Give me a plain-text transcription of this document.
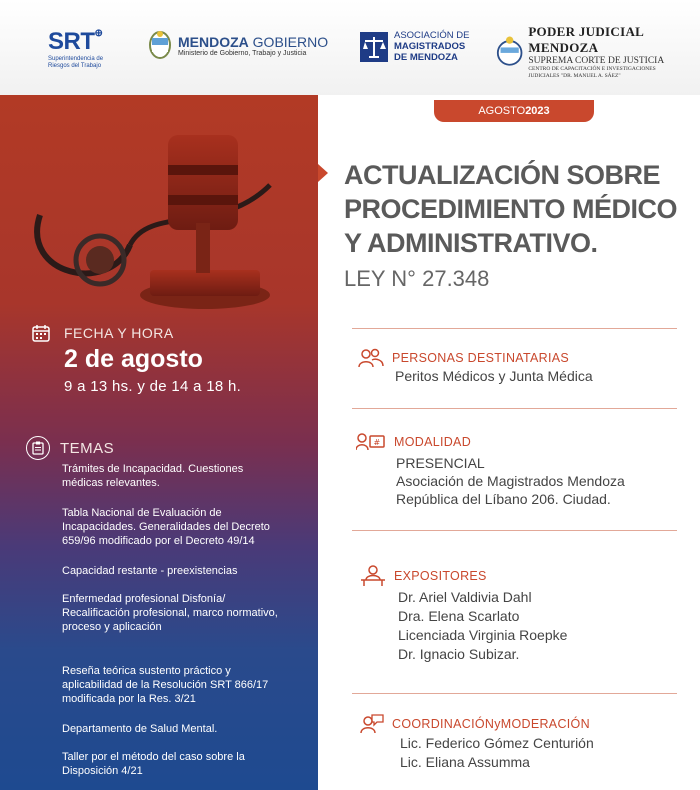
SRT⊕
Superintendencia de Riesgos del Trabajo
MENDOZA GOBIERNO
Ministerio de Gobierno, Trabajo y Justicia
ASOCIACIÓN DE
MAGISTRADOS
DE MENDOZA
PODER JUDICIAL MENDOZA
SUPREMA CORTE DE JUSTICIA
CENTRO DE CAPACITACIÓN E INVESTIGACIONES
JUDICIALES "DR. MANUEL A. SÁEZ"
FECHA Y HORA
2 de agosto
9 a 13 hs. y de 14 a 18 h.
TEMAS
Trámites de Incapacidad. Cuestiones médicas relevantes.
Tabla Nacional de Evaluación de Incapacidades. Generalidades del Decreto 659/96 modificado por el Decreto 49/14
Capacidad restante - preexistencias
Enfermedad profesional Disfonía/ Recalificación profesional, marco normativo, proceso y aplicación
Reseña teórica sustento práctico y aplicabilidad de la Resolución SRT 866/17 modificada por la Res. 3/21
Departamento de Salud Mental.
Taller por el método del caso sobre la Disposición 4/21
AGOSTO 2023
ACTUALIZACIÓN SOBRE
PROCEDIMIENTO MÉDICO
Y ADMINISTRATIVO.
LEY N° 27.348
PERSONAS DESTINATARIAS
Peritos Médicos y Junta Médica
# MODALIDAD
PRESENCIAL
Asociación de Magistrados Mendoza
República del Líbano 206. Ciudad.
EXPOSITORES
Dr. Ariel Valdivia Dahl
Dra. Elena Scarlato
Licenciada Virginia Roepke
Dr. Ignacio Subizar.
COORDINACIÓN y MODERACIÓN
Lic. Federico Gómez Centurión
Lic. Eliana Assumma
